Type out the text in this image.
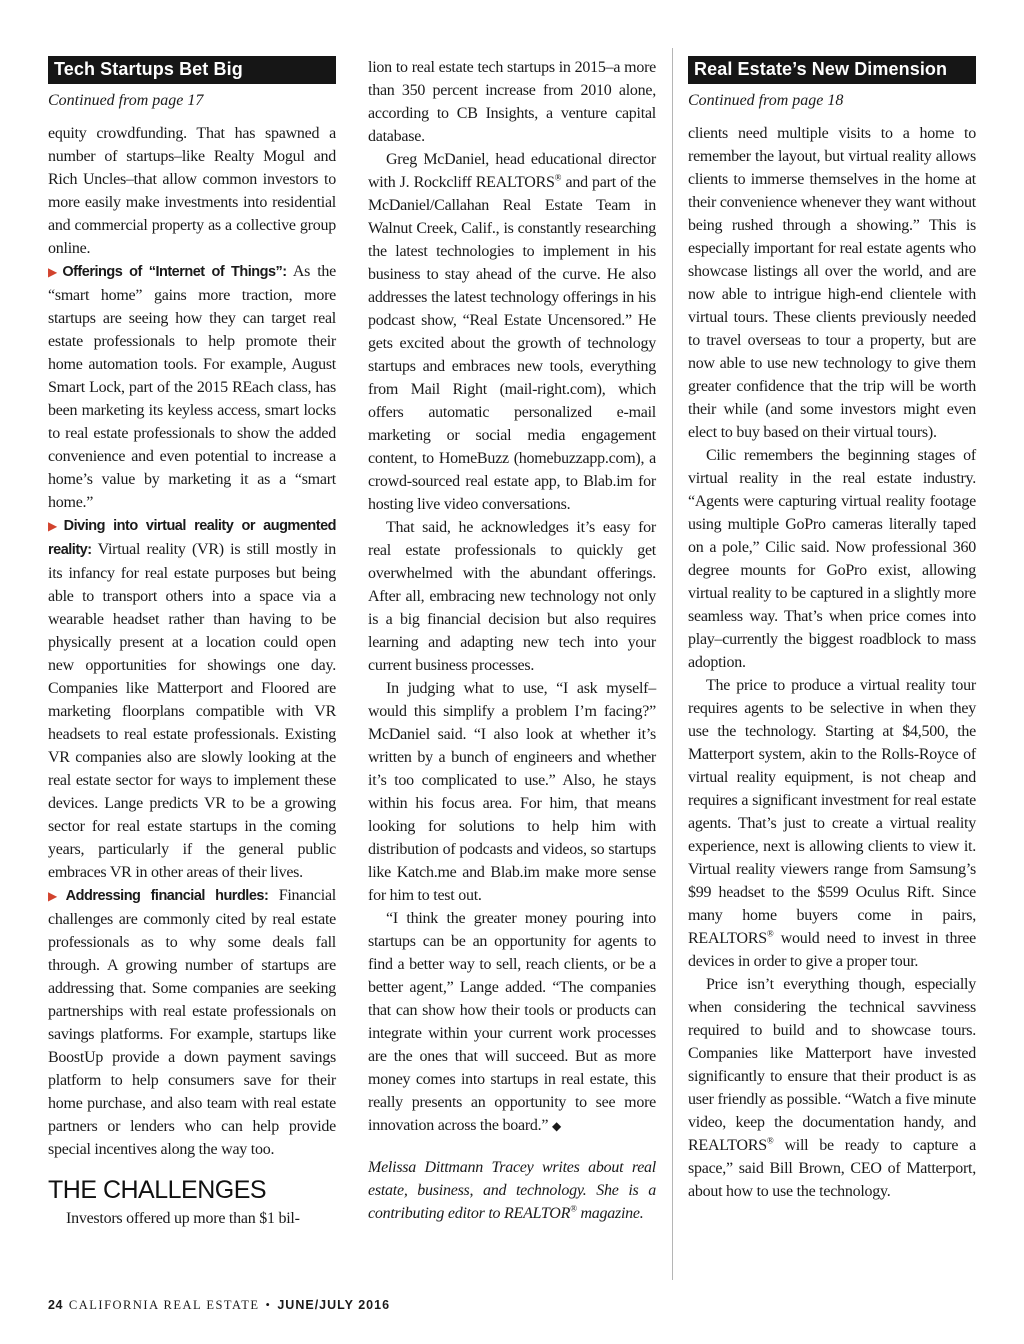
Tech Startups Bet Big
Continued from page 17

equity crowdfunding. That has spawned a number of startups–like Realty Mogul and Rich Uncles–that allow common investors to more easily make investments into residential and commercial property as a collective group online.

▶ Offerings of “Internet of Things”: As the “smart home” gains more traction, more startups are seeing how they can target real estate professionals to help promote their home automation tools. For example, August Smart Lock, part of the 2015 REach class, has been marketing its keyless access, smart locks to real estate professionals to show the added convenience and even potential to increase a home’s value by marketing it as a “smart home.”

▶ Diving into virtual reality or augmented reality: Virtual reality (VR) is still mostly in its infancy for real estate purposes but being able to transport others into a space via a wearable headset rather than having to be physically present at a location could open new opportunities for showings one day. Companies like Matterport and Floored are marketing floorplans compatible with VR headsets to real estate professionals. Existing VR companies also are slowly looking at the real estate sector for ways to implement these devices. Lange predicts VR to be a growing sector for real estate startups in the coming years, particularly if the general public embraces VR in other areas of their lives.

▶ Addressing financial hurdles: Financial challenges are commonly cited by real estate professionals as to why some deals fall through. A growing number of startups are addressing that. Some companies are seeking partnerships with real estate professionals on savings platforms. For example, startups like BoostUp provide a down payment savings platform to help consumers save for their home purchase, and also team with real estate partners or lenders who can help provide special incentives along the way too.

THE CHALLENGES

Investors offered up more than $1 bil-

lion to real estate tech startups in 2015–a more than 350 percent increase from 2010 alone, according to CB Insights, a venture capital database.

Greg McDaniel, head educational director with J. Rockcliff REALTORS® and part of the McDaniel/Callahan Real Estate Team in Walnut Creek, Calif., is constantly researching the latest technologies to implement in his business to stay ahead of the curve. He also addresses the latest technology offerings in his podcast show, “Real Estate Uncensored.” He gets excited about the growth of technology startups and embraces new tools, everything from Mail Right (mail-right.com), which offers automatic personalized e-mail marketing or social media engagement content, to HomeBuzz (homebuzzapp.com), a crowd-sourced real estate app, to Blab.im for hosting live video conversations.

That said, he acknowledges it’s easy for real estate professionals to quickly get overwhelmed with the abundant offerings. After all, embracing new technology not only is a big financial decision but also requires learning and adapting new tech into your current business processes.

In judging what to use, “I ask myself–would this simplify a problem I’m facing?” McDaniel said. “I also look at whether it’s written by a bunch of engineers and whether it’s too complicated to use.” Also, he stays within his focus area. For him, that means looking for solutions to help him with distribution of podcasts and videos, so startups like Katch.me and Blab.im make more sense for him to test out.

“I think the greater money pouring into startups can be an opportunity for agents to find a better way to sell, reach clients, or be a better agent,” Lange added. “The companies that can show how their tools or products can integrate within your current work processes are the ones that will succeed. But as more money comes into startups in real estate, this really presents an opportunity to see more innovation across the board.” ◆

Melissa Dittmann Tracey writes about real estate, business, and technology. She is a contributing editor to REALTOR® magazine.

Real Estate’s New Dimension
Continued from page 18

clients need multiple visits to a home to remember the layout, but virtual reality allows clients to immerse themselves in the home at their convenience whenever they want without being rushed through a showing.” This is especially important for real estate agents who showcase listings all over the world, and are now able to intrigue high-end clientele with virtual tours. These clients previously needed to travel overseas to tour a property, but are now able to use new technology to give them greater confidence that the trip will be worth their while (and some investors might even elect to buy based on their virtual tours).

Cilic remembers the beginning stages of virtual reality in the real estate industry. “Agents were capturing virtual reality footage using multiple GoPro cameras literally taped on a pole,” Cilic said. Now professional 360 degree mounts for GoPro exist, allowing virtual reality to be captured in a slightly more seamless way. That’s when price comes into play–currently the biggest roadblock to mass adoption.

The price to produce a virtual reality tour requires agents to be selective in when they use the technology. Starting at $4,500, the Matterport system, akin to the Rolls-Royce of virtual reality equipment, is not cheap and requires a significant investment for real estate agents. That’s just to create a virtual reality experience, next is allowing clients to view it. Virtual reality viewers range from Samsung’s $99 headset to the $599 Oculus Rift. Since many home buyers come in pairs, REALTORS® would need to invest in three devices in order to give a proper tour.

Price isn’t everything though, especially when considering the technical savviness required to build and to showcase tours. Companies like Matterport have invested significantly to ensure that their product is as user friendly as possible. “Watch a five minute video, keep the documentation handy, and REALTORS® will be ready to capture a space,” said Bill Brown, CEO of Matterport, about how to use the technology.

24 CALIFORNIA REAL ESTATE • JUNE/JULY 2016
